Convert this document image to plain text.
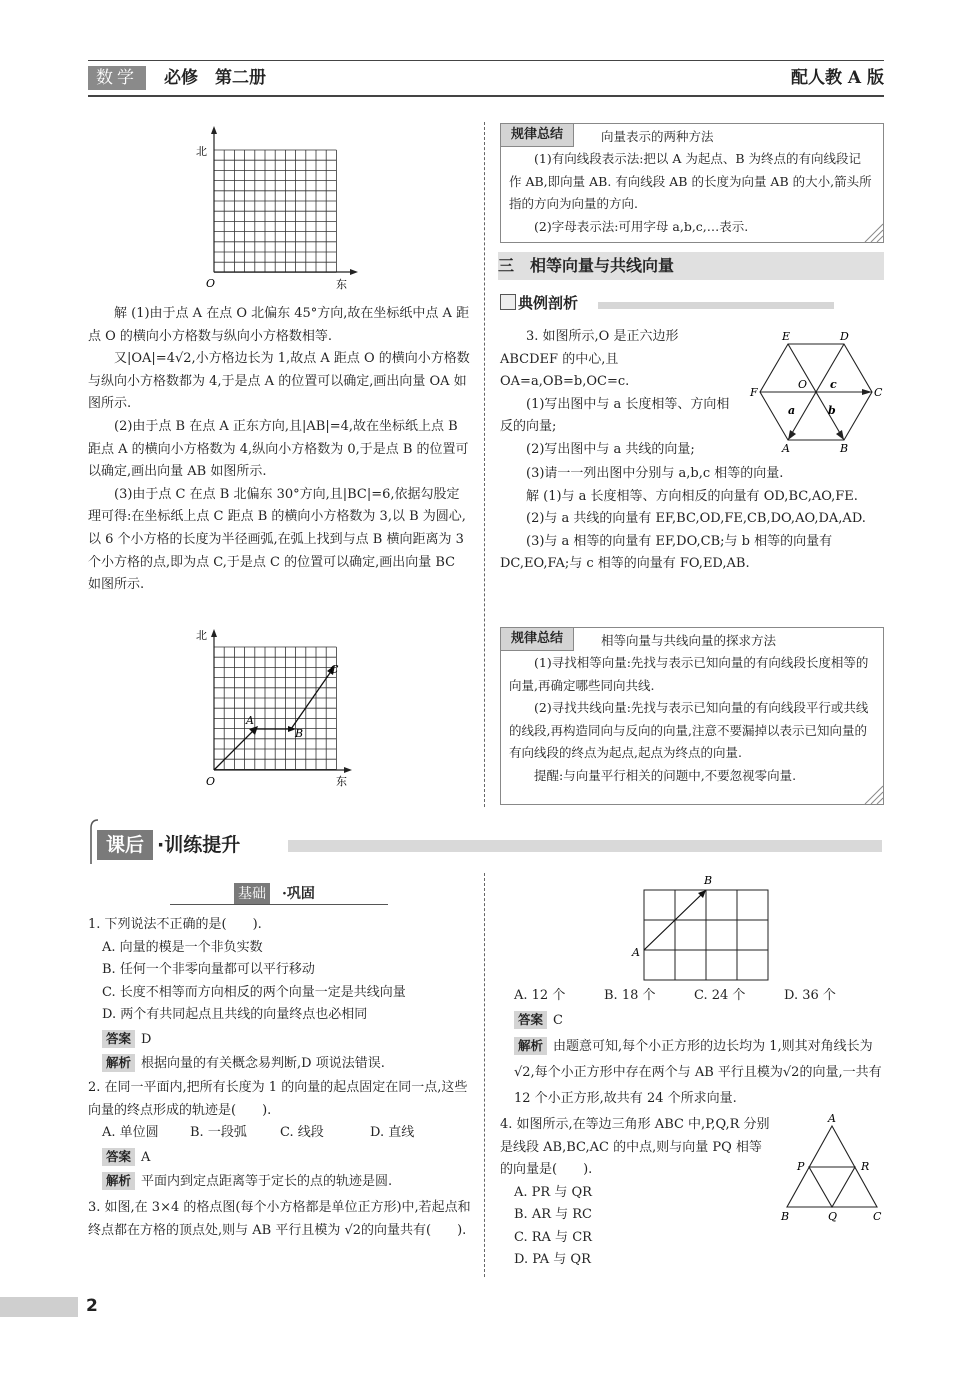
数学	必修　第二册	配人教 A 版
北
O	东

解 (1)由于点 A 在点 O 北偏东 45°方向,故在坐标纸中点 A 距点 O 的横向小方格数与纵向小方格数相等.

又|OA|=4√2,小方格边长为 1,故点 A 距点 O 的横向小方格数与纵向小方格数都为 4,于是点 A 的位置可以确定,画出向量 OA 如图所示.

(2)由于点 B 在点 A 正东方向,且|AB|=4,故在坐标纸上点 B 距点 A 的横向小方格数为 4,纵向小方格数为 0,于是点 B 的位置可以确定,画出向量 AB 如图所示.

(3)由于点 C 在点 B 北偏东 30°方向,且|BC|=6,依据勾股定理可得:在坐标纸上点 C 距点 B 的横向小方格数为 3,以 B 为圆心,以 6 个小方格的长度为半径画弧,在弧上找到与点 B 横向距离为 3 个小方格的点,即为点 C,于是点 C 的位置可以确定,画出向量 BC 如图所示.

北
O	东
A
B
C
规律总结	向量表示的两种方法

(1)有向线段表示法:把以 A 为起点、B 为终点的有向线段记作 AB,即向量 AB. 有向线段 AB 的长度为向量 AB 的大小,箭头所指的方向为向量的方向.

(2)字母表示法:可用字母 a,b,c,…表示.

三　相等向量与共线向量
典例剖析

3. 如图所示,O 是正六边形 ABCDEF 的中心,且 OA=a,OB=b,OC=c.

(1)写出图中与 a 长度相等、方向相反的向量;

(2)写出图中与 a 共线的向量;

(3)请一一列出图中分别与 a,b,c 相等的向量.

解 (1)与 a 长度相等、方向相反的向量有 OD,BC,AO,FE.

(2)与 a 共线的向量有 EF,BC,OD,FE,CB,DO,AO,DA,AD.

(3)与 a 相等的向量有 EF,DO,CB;与 b 相等的向量有 DC,EO,FA;与 c 相等的向量有 FO,ED,AB.

E	D
F	C
O
A	B
a	b
c
规律总结	相等向量与共线向量的探求方法

(1)寻找相等向量:先找与表示已知向量的有向线段长度相等的向量,再确定哪些同向共线.

(2)寻找共线向量:先找与表示已知向量的有向线段平行或共线的线段,再构造同向与反向的向量,注意不要漏掉以表示已知向量的有向线段的终点为起点,起点为终点的向量.

提醒:与向量平行相关的问题中,不要忽视零向量.

课后 ·训练提升
基础 ·巩固

1. 下列说法不正确的是(　　).

A. 向量的模是一个非负实数

B. 任何一个非零向量都可以平行移动

C. 长度不相等而方向相反的两个向量一定是共线向量

D. 两个有共同起点且共线的向量终点也必相同

答案 D

解析 根据向量的有关概念易判断,D 项说法错误.

2. 在同一平面内,把所有长度为 1 的向量的起点固定在同一点,这些向量的终点形成的轨迹是(　　).

A. 单位圆 B. 一段弧	C. 线段	D. 直线

答案 A

解析 平面内到定点距离等于定长的点的轨迹是圆.

3. 如图,在 3×4 的格点图(每个小方格都是单位正方形)中,若起点和终点都在方格的顶点处,则与 AB 平行且模为 √2的向量共有(　　).

A
B

A. 12 个	B. 18 个	C. 24 个	D. 36 个

答案 C

解析 由题意可知,每个小正方形的边长均为 1,则其对角线长为√2,每个小正方形中存在两个与 AB 平行且模为√2的向量,一共有 12 个小正方形,故共有 24 个所求向量.

4. 如图所示,在等边三角形 ABC 中,P,Q,R 分别是线段 AB,BC,AC 的中点,则与向量 PQ 相等的向量是(　　).

A. PR 与 QR

B. AR 与 RC

C. RA 与 CR

D. PA 与 QR

A
B	C
P	R
Q
2
